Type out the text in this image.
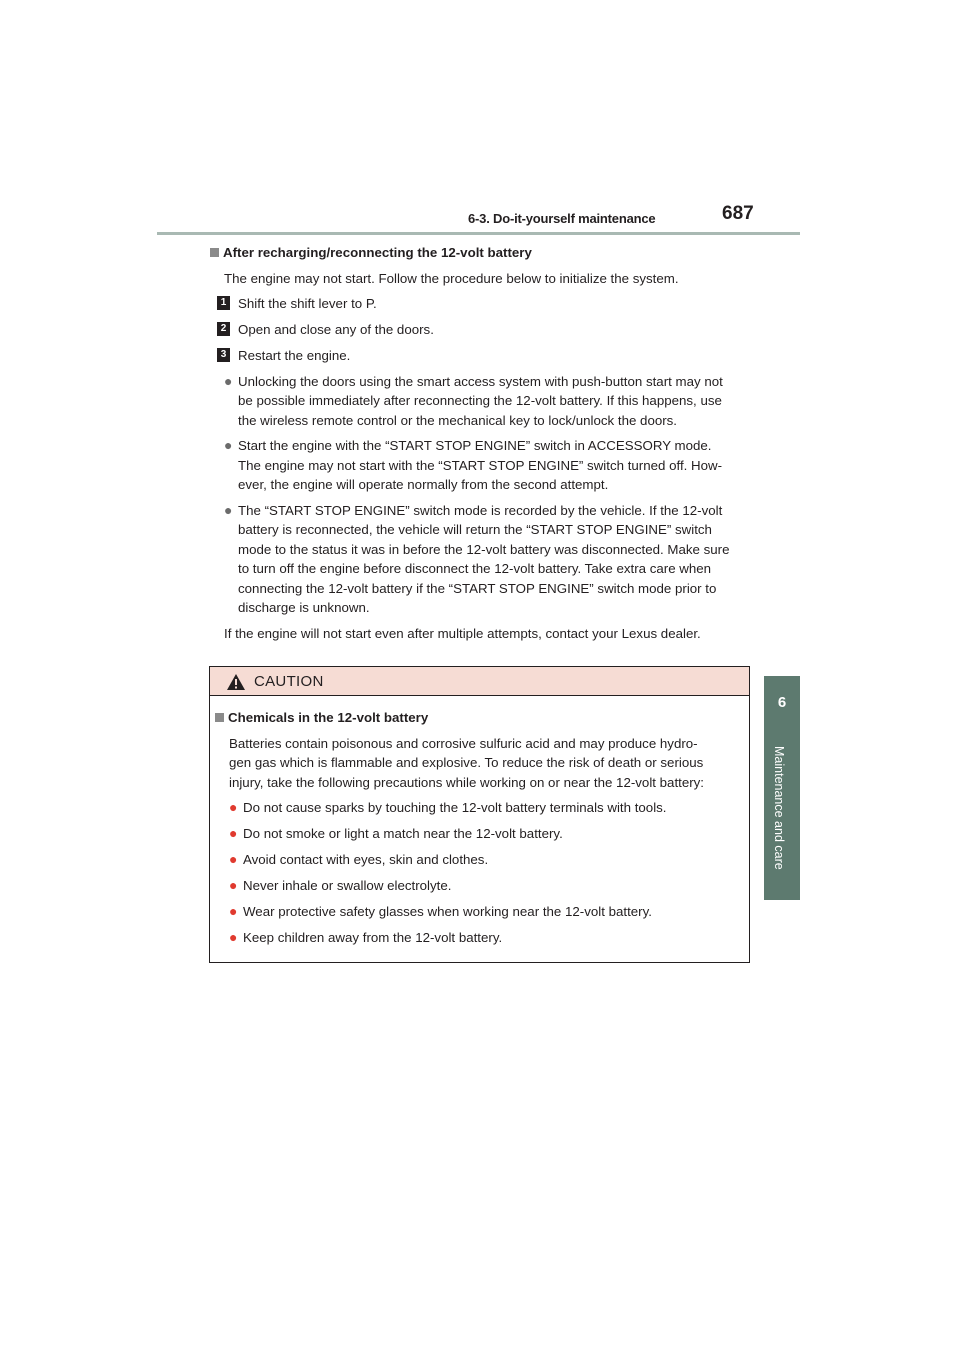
6-3. Do-it-yourself maintenance	687
6
Maintenance and care
After recharging/reconnecting the 12-volt battery
The engine may not start. Follow the procedure below to initialize the system.
1 Shift the shift lever to P.
2 Open and close any of the doors.
3 Restart the engine.
● Unlocking the doors using the smart access system with push-button start may not
be possible immediately after reconnecting the 12-volt battery. If this happens, use
the wireless remote control or the mechanical key to lock/unlock the doors.
● Start the engine with the “START STOP ENGINE” switch in ACCESSORY mode.
The engine may not start with the “START STOP ENGINE” switch turned off. How-
ever, the engine will operate normally from the second attempt.
● The “START STOP ENGINE” switch mode is recorded by the vehicle. If the 12-volt
battery is reconnected, the vehicle will return the “START STOP ENGINE” switch
mode to the status it was in before the 12-volt battery was disconnected. Make sure
to turn off the engine before disconnect the 12-volt battery. Take extra care when
connecting the 12-volt battery if the “START STOP ENGINE” switch mode prior to
discharge is unknown.
If the engine will not start even after multiple attempts, contact your Lexus dealer.
CAUTION
Chemicals in the 12-volt battery
Batteries contain poisonous and corrosive sulfuric acid and may produce hydro-
gen gas which is flammable and explosive. To reduce the risk of death or serious
injury, take the following precautions while working on or near the 12-volt battery:
● Do not cause sparks by touching the 12-volt battery terminals with tools.
● Do not smoke or light a match near the 12-volt battery.
● Avoid contact with eyes, skin and clothes.
● Never inhale or swallow electrolyte.
● Wear protective safety glasses when working near the 12-volt battery.
● Keep children away from the 12-volt battery.
